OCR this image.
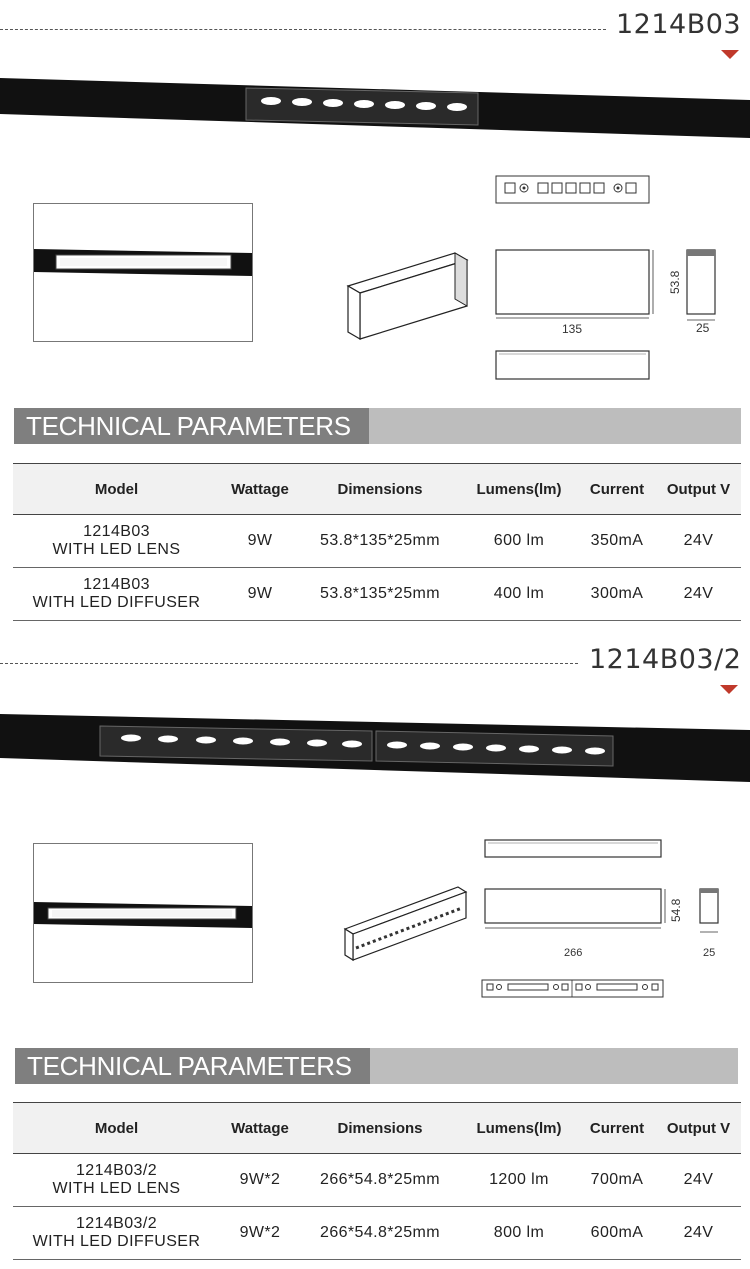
1214B03
53.8
135	25
TECHNICAL PARAMETERS
Model	Wattage	Dimensions	Lumens(lm)	Current	Output V

1214B03
WITH LED LENS	9W	53.8*135*25mm	600 lm	350mA	24V

1214B03
WITH LED DIFFUSER	9W	53.8*135*25mm	400 lm	300mA	24V
1214B03/2
54.8
266	25
TECHNICAL PARAMETERS
Model	Wattage	Dimensions	Lumens(lm)	Current	Output V

1214B03/2
WITH LED LENS	9W*2	266*54.8*25mm	1200 lm	700mA	24V

1214B03/2
WITH LED DIFFUSER	9W*2	266*54.8*25mm	800 lm	600mA	24V
